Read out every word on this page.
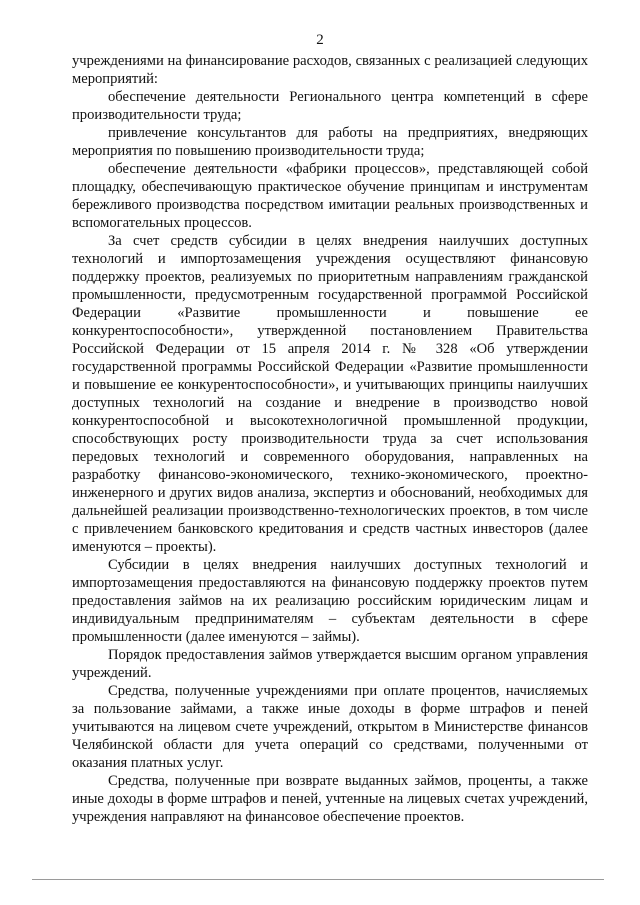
2

учреждениями на финансирование расходов, связанных с реализацией следующих мероприятий:

обеспечение деятельности Регионального центра компетенций в сфере производительности труда;

привлечение консультантов для работы на предприятиях, внедряющих мероприятия по повышению производительности труда;

обеспечение деятельности «фабрики процессов», представляющей собой площадку, обеспечивающую практическое обучение принципам и инструментам бережливого производства посредством имитации реальных производственных и вспомогательных процессов.

За счет средств субсидии в целях внедрения наилучших доступных технологий и импортозамещения учреждения осуществляют финансовую поддержку проектов, реализуемых по приоритетным направлениям гражданской промышленности, предусмотренным государственной программой Российской Федерации «Развитие промышленности и повышение ее конкурентоспособности», утвержденной постановлением Правительства Российской Федерации от 15 апреля 2014 г. № 328 «Об утверждении государственной программы Российской Федерации «Развитие промышленности и повышение ее конкурентоспособности», и учитывающих принципы наилучших доступных технологий на создание и внедрение в производство новой конкурентоспособной и высокотехнологичной промышленной продукции, способствующих росту производительности труда за счет использования передовых технологий и современного оборудования, направленных на разработку финансово-экономического, технико-экономического, проектно-инженерного и других видов анализа, экспертиз и обоснований, необходимых для дальнейшей реализации производственно-технологических проектов, в том числе с привлечением банковского кредитования и средств частных инвесторов (далее именуются – проекты).

Субсидии в целях внедрения наилучших доступных технологий и импортозамещения предоставляются на финансовую поддержку проектов путем предоставления займов на их реализацию российским юридическим лицам и индивидуальным предпринимателям – субъектам деятельности в сфере промышленности (далее именуются – займы).

Порядок предоставления займов утверждается высшим органом управления учреждений.

Средства, полученные учреждениями при оплате процентов, начисляемых за пользование займами, а также иные доходы в форме штрафов и пеней учитываются на лицевом счете учреждений, открытом в Министерстве финансов Челябинской области для учета операций со средствами, полученными от оказания платных услуг.

Средства, полученные при возврате выданных займов, проценты, а также иные доходы в форме штрафов и пеней, учтенные на лицевых счетах учреждений, учреждения направляют на финансовое обеспечение проектов.
